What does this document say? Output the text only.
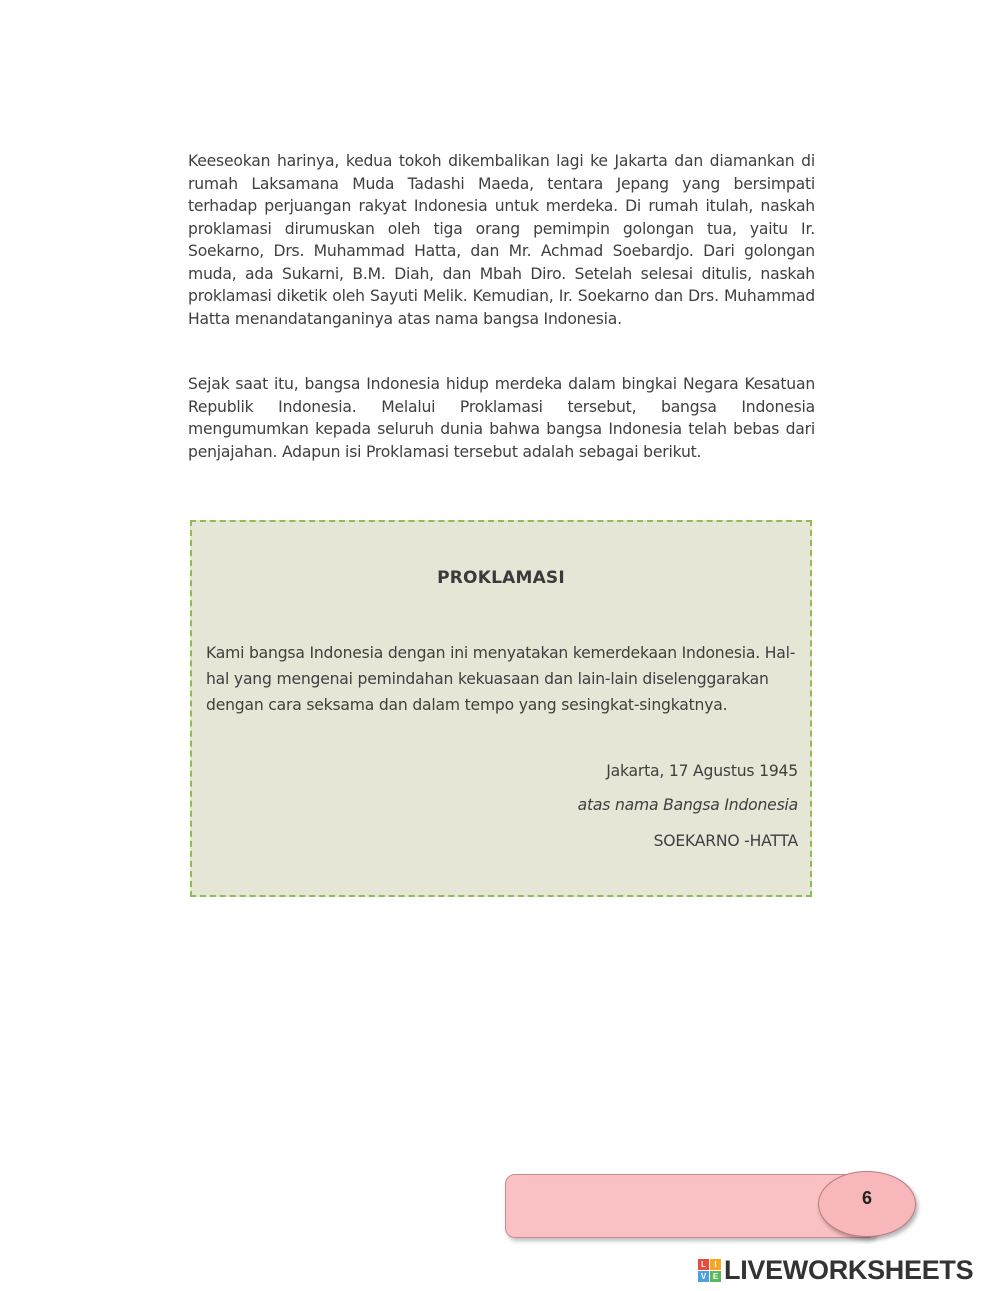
Keeseokan harinya, kedua tokoh dikembalikan lagi ke Jakarta dan diamankan di rumah Laksamana Muda Tadashi Maeda, tentara Jepang yang bersimpati terhadap perjuangan rakyat Indonesia untuk merdeka. Di rumah itulah, naskah proklamasi dirumuskan oleh tiga orang pemimpin golongan tua, yaitu Ir. Soekarno, Drs. Muhammad Hatta, dan Mr. Achmad Soebardjo. Dari golongan muda, ada Sukarni, B.M. Diah, dan Mbah Diro. Setelah selesai ditulis, naskah proklamasi diketik oleh Sayuti Melik. Kemudian, Ir. Soekarno dan Drs. Muhammad Hatta menandatanganinya atas nama bangsa Indonesia.

Sejak saat itu, bangsa Indonesia hidup merdeka dalam bingkai Negara Kesatuan Republik Indonesia. Melalui Proklamasi tersebut, bangsa Indonesia mengumumkan kepada seluruh dunia bahwa bangsa Indonesia telah bebas dari penjajahan. Adapun isi Proklamasi tersebut adalah sebagai berikut.

PROKLAMASI

Kami bangsa Indonesia dengan ini menyatakan kemerdekaan Indonesia. Hal-hal yang mengenai pemindahan kekuasaan dan lain-lain diselenggarakan dengan cara seksama dan dalam tempo yang sesingkat-singkatnya.

Jakarta, 17 Agustus 1945
atas nama Bangsa Indonesia
SOEKARNO -HATTA
6
L	I
V E LIVEWORKSHEETS
